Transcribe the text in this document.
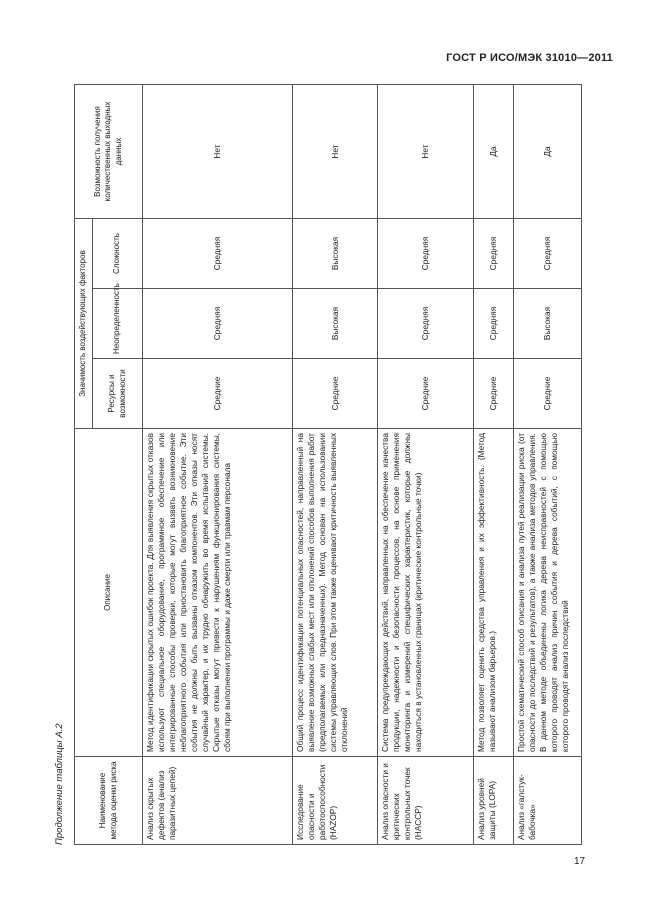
ГОСТ Р ИСО/МЭК 31010—2011
Продолжение таблицы А.2	Наименование метода оценки риска	Описание	Значимость воздействующих факторов			Возможность получения количественных выходных данных
		Ресурсы и возможности	Неопределенность	Сложность	
Анализ скрытых дефектов (анализ паразитных цепей)	Метод идентификации скрытых ошибок проекта. Для выявления скрытых отказов используют специальное оборудование, программное обеспечение или интегрированные способы проверки, которые могут вызвать возникновение неблагоприятного события или приостановить благоприятное событие. Эти события не должны быть вызваны отказом компонентов. Эти отказы носят случайный характер, и их трудно обнаружить во время испытаний системы. Скрытые отказы могут привести к нарушениям функционирования системы, сбоям при выполнении программы и даже смерти или травмам персонала	Средние	Средняя	Средняя	Нет
Исследование опасности и работоспособности (HAZOP)	Общий процесс идентификации потенциальных опасностей, направленный на выявление возможных слабых мест или отклонений способов выполнения работ (предполагаемых или предназначенных). Метод основан на использовании системы управляющих слов. При этом также оценивают критичность выявленных отклонений	Средние	Высокая	Высокая	Нет
Анализ опасности и критических контрольных точек (HACCP)	Система предупреждающих действий, направленных на обеспечение качества продукции, надежности и безопасности процессов, на основе применения мониторинга и измерений специфических характеристик, которые должны находиться в установленных границах (критические контрольные точки)	Средние	Средняя	Средняя	Нет
Анализ уровней защиты (LOPA)	Метод позволяет оценить средства управления и их эффективность. (Метод называют анализом барьеров.)	Средние	Средняя	Средняя	Да
Анализ «галстук-бабочка»	Простой схематический способ описания и анализа путей реализации риска (от опасности до последствий и результатов), а также анализа методов управления. В данном методе объединены логика дерева неисправностей с помощью которого проводят анализ причин события и дерева событий, с помощью которого проводят анализ последствий	Средние	Высокая	Средняя	Да
17
